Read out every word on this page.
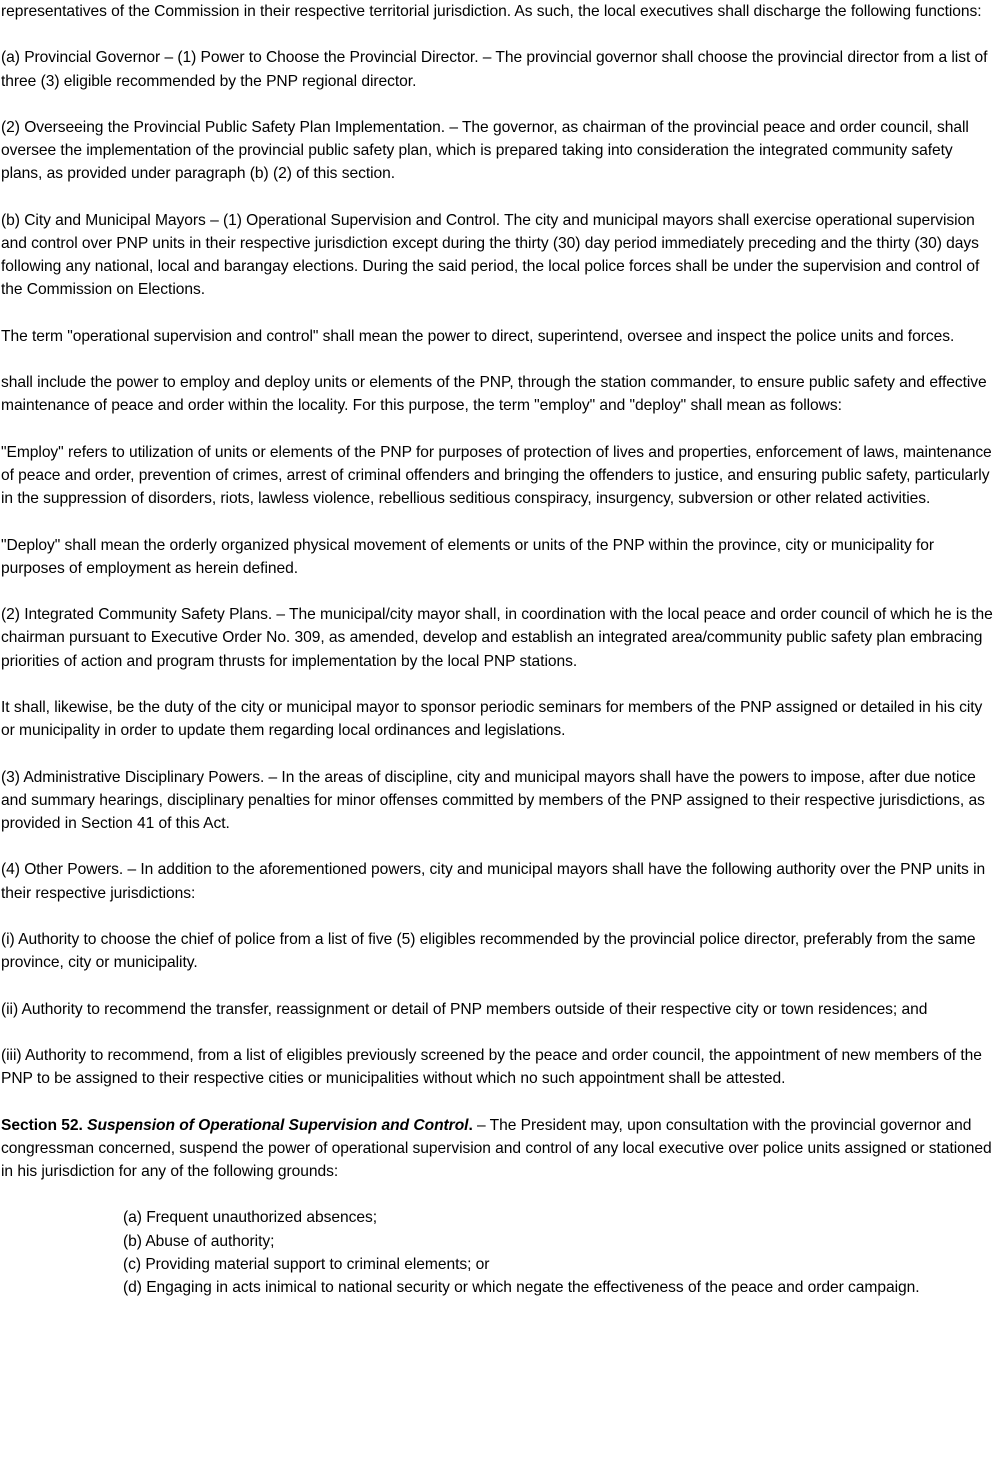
representatives of the Commission in their respective territorial jurisdiction. As such, the local executives shall discharge the following functions:

(a) Provincial Governor – (1) Power to Choose the Provincial Director. – The provincial governor shall choose the provincial director from a list of three (3) eligible recommended by the PNP regional director.

(2) Overseeing the Provincial Public Safety Plan Implementation. – The governor, as chairman of the provincial peace and order council, shall oversee the implementation of the provincial public safety plan, which is prepared taking into consideration the integrated community safety plans, as provided under paragraph (b) (2) of this section.

(b) City and Municipal Mayors – (1) Operational Supervision and Control. The city and municipal mayors shall exercise operational supervision and control over PNP units in their respective jurisdiction except during the thirty (30) day period immediately preceding and the thirty (30) days following any national, local and barangay elections. During the said period, the local police forces shall be under the supervision and control of the Commission on Elections.

The term "operational supervision and control" shall mean the power to direct, superintend, oversee and inspect the police units and forces.

shall include the power to employ and deploy units or elements of the PNP, through the station commander, to ensure public safety and effective maintenance of peace and order within the locality. For this purpose, the term "employ" and "deploy" shall mean as follows:

"Employ" refers to utilization of units or elements of the PNP for purposes of protection of lives and properties, enforcement of laws, maintenance of peace and order, prevention of crimes, arrest of criminal offenders and bringing the offenders to justice, and ensuring public safety, particularly in the suppression of disorders, riots, lawless violence, rebellious seditious conspiracy, insurgency, subversion or other related activities.

"Deploy" shall mean the orderly organized physical movement of elements or units of the PNP within the province, city or municipality for purposes of employment as herein defined.

(2) Integrated Community Safety Plans. – The municipal/city mayor shall, in coordination with the local peace and order council of which he is the chairman pursuant to Executive Order No. 309, as amended, develop and establish an integrated area/community public safety plan embracing priorities of action and program thrusts for implementation by the local PNP stations.

It shall, likewise, be the duty of the city or municipal mayor to sponsor periodic seminars for members of the PNP assigned or detailed in his city or municipality in order to update them regarding local ordinances and legislations.

(3) Administrative Disciplinary Powers. – In the areas of discipline, city and municipal mayors shall have the powers to impose, after due notice and summary hearings, disciplinary penalties for minor offenses committed by members of the PNP assigned to their respective jurisdictions, as provided in Section 41 of this Act.

(4) Other Powers. – In addition to the aforementioned powers, city and municipal mayors shall have the following authority over the PNP units in their respective jurisdictions:

(i) Authority to choose the chief of police from a list of five (5) eligibles recommended by the provincial police director, preferably from the same province, city or municipality.

(ii) Authority to recommend the transfer, reassignment or detail of PNP members outside of their respective city or town residences; and

(iii) Authority to recommend, from a list of eligibles previously screened by the peace and order council, the appointment of new members of the PNP to be assigned to their respective cities or municipalities without which no such appointment shall be attested.

Section 52. Suspension of Operational Supervision and Control. – The President may, upon consultation with the provincial governor and congressman concerned, suspend the power of operational supervision and control of any local executive over police units assigned or stationed in his jurisdiction for any of the following grounds:

(a) Frequent unauthorized absences;
(b) Abuse of authority;
(c) Providing material support to criminal elements; or
(d) Engaging in acts inimical to national security or which negate the effectiveness of the peace and order campaign.
